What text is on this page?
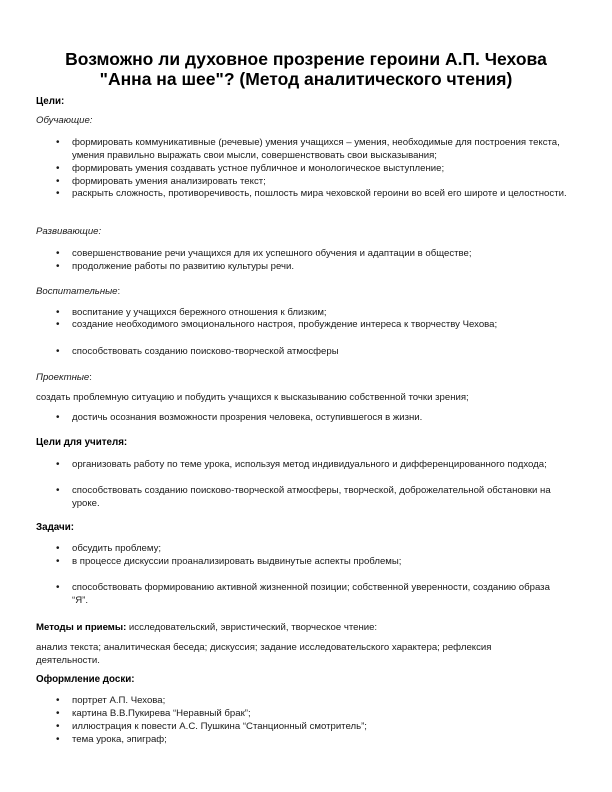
Возможно ли духовное прозрение героини А.П. Чехова
"Анна на шее"? (Метод аналитического чтения)
Цели:
Обучающие:
• формировать коммуникативные (речевые) умения учащихся – умения, необходимые для построения текста, умения правильно выражать свои мысли, совершенствовать свои высказывания;
• формировать умения создавать устное публичное и монологическое выступление;
• формировать умения анализировать текст;
• раскрыть сложность, противоречивость, пошлость мира чеховской героини во всей его широте и целостности.
Развивающие:
• совершенствование речи учащихся для их успешного обучения и адаптации в обществе;
• продолжение работы по развитию культуры речи.
Воспитательные:
• воспитание у учащихся бережного отношения к близким;
• создание необходимого эмоционального настроя, пробуждение интереса к творчеству Чехова;
• способствовать созданию поисково-творческой атмосферы
Проектные:
создать проблемную ситуацию и побудить учащихся к высказыванию собственной точки зрения;
• достичь осознания возможности прозрения человека, оступившегося в жизни.
Цели для учителя:
• организовать работу по теме урока, используя метод индивидуального и дифференцированного подхода;
• способствовать созданию поисково-творческой атмосферы, творческой, доброжелательной обстановки на уроке.
Задачи:
• обсудить проблему;
• в процессе дискуссии проанализировать выдвинутые аспекты проблемы;
• способствовать формированию активной жизненной позиции; собственной уверенности, созданию образа “Я”.
Методы и приемы: исследовательский, эвристический, творческое чтение:
анализ текста; аналитическая беседа; дискуссия; задание исследовательского характера; рефлексия деятельности.
Оформление доски:
• портрет А.П. Чехова;
• картина В.В.Пукирева “Неравный брак”;
• иллюстрация к повести А.С. Пушкина “Станционный смотритель”;
• тема урока, эпиграф;
